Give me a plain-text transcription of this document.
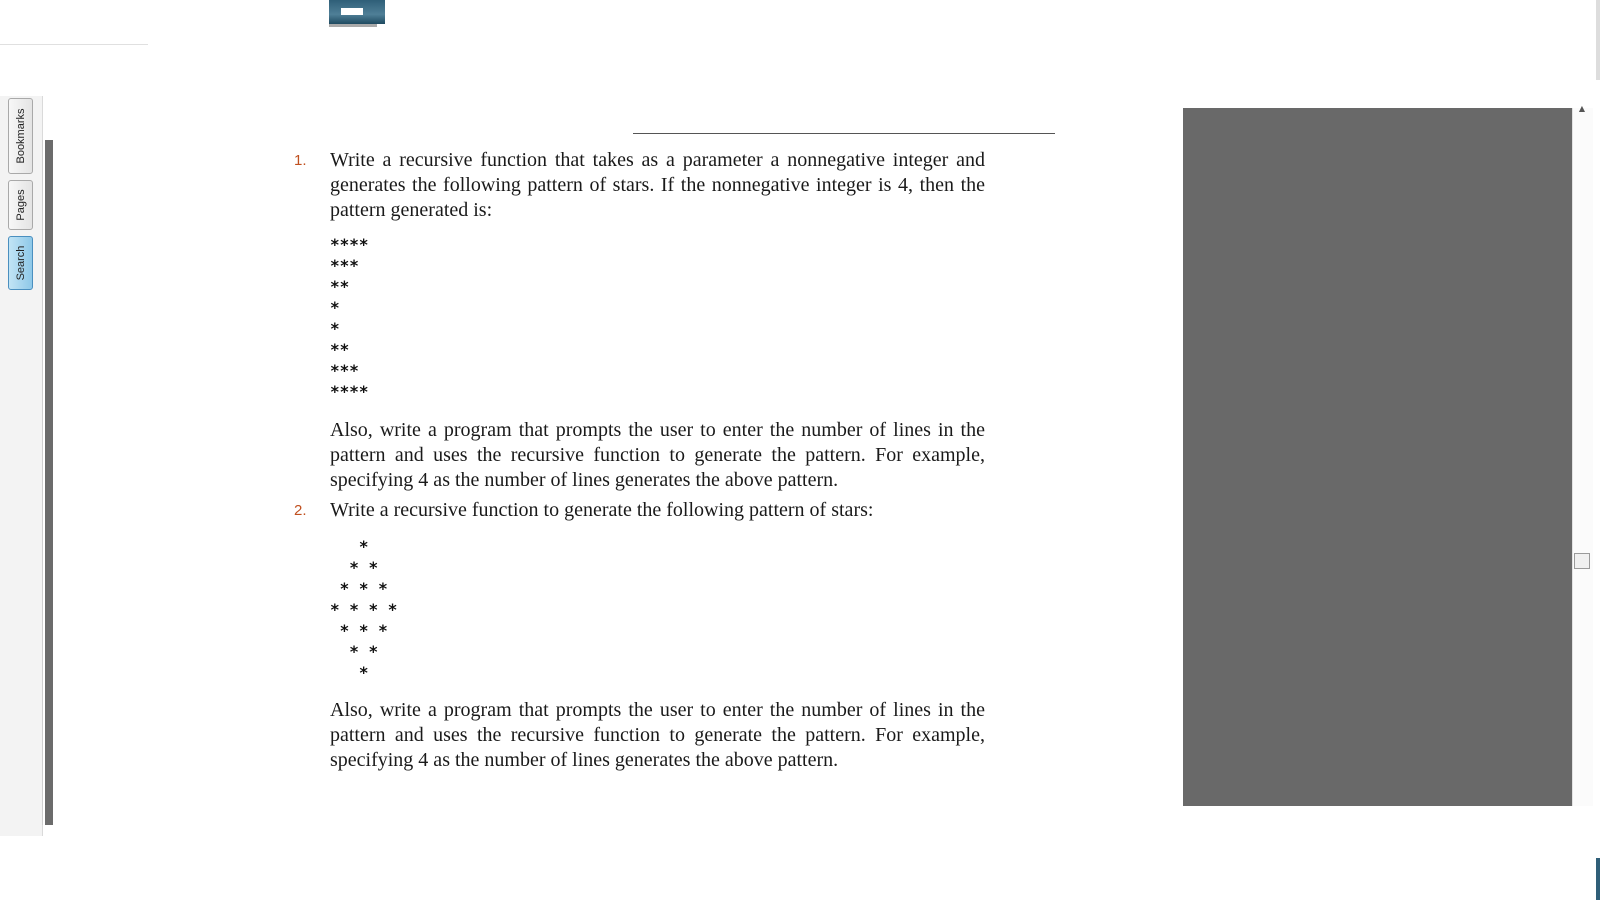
Bookmarks
Pages
Search
1. Write a recursive function that takes as a parameter a nonnegative integer and generates the following pattern of stars. If the nonnegative integer is 4, then the pattern generated is:
****
***
**
*
*
**
***
****
Also, write a program that prompts the user to enter the number of lines in the pattern and uses the recursive function to generate the pattern. For example, specifying 4 as the number of lines generates the above pattern.
2. Write a recursive function to generate the following pattern of stars:
*
* *
* * *
* * * *
* * *
* *
*
Also, write a program that prompts the user to enter the number of lines in the pattern and uses the recursive function to generate the pattern. For example, specifying 4 as the number of lines generates the above pattern.
▲
